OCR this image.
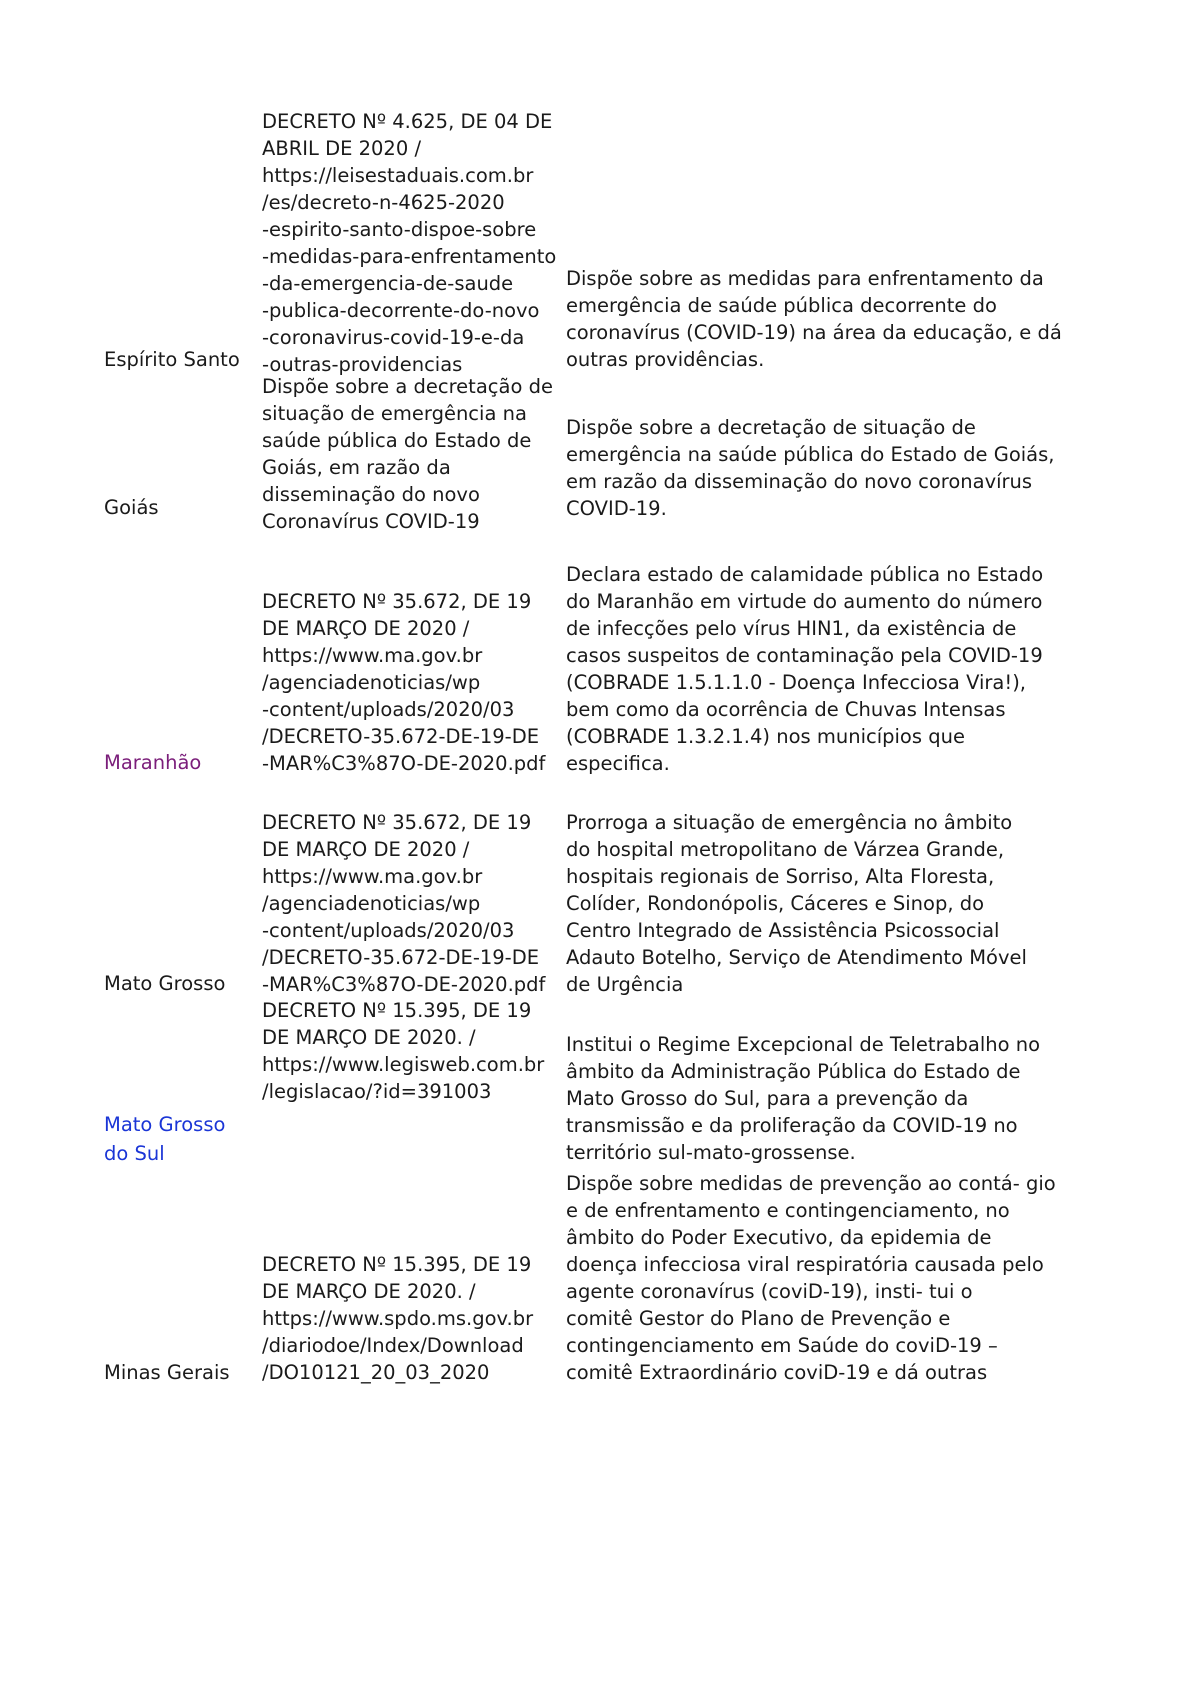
Espírito Santo
DECRETO Nº 4.625, DE 04 DE
ABRIL DE 2020 /
https://leisestaduais.com.br
/es/decreto-n-4625-2020
-espirito-santo-dispoe-sobre
-medidas-para-enfrentamento
-da-emergencia-de-saude
-publica-decorrente-do-novo
-coronavirus-covid-19-e-da
-outras-providencias
Dispõe sobre as medidas para enfrentamento da
emergência de saúde pública decorrente do
coronavírus (COVID-19) na área da educação, e dá
outras providências.
Goiás
Dispõe sobre a decretação de
situação de emergência na
saúde pública do Estado de
Goiás, em razão da
disseminação do novo
Coronavírus COVID-19
Dispõe sobre a decretação de situação de
emergência na saúde pública do Estado de Goiás,
em razão da disseminação do novo coronavírus
COVID-19.
Maranhão
DECRETO Nº 35.672, DE 19
DE MARÇO DE 2020 /
https://www.ma.gov.br
/agenciadenoticias/wp
-content/uploads/2020/03
/DECRETO-35.672-DE-19-DE
-MAR%C3%87O-DE-2020.pdf
Declara estado de calamidade pública no Estado
do Maranhão em virtude do aumento do número
de infecções pelo vírus HIN1, da existência de
casos suspeitos de contaminação pela COVID-19
(COBRADE 1.5.1.1.0 - Doença Infecciosa Vira!),
bem como da ocorrência de Chuvas Intensas
(COBRADE 1.3.2.1.4) nos municípios que
especifica.
Mato Grosso
DECRETO Nº 35.672, DE 19
DE MARÇO DE 2020 /
https://www.ma.gov.br
/agenciadenoticias/wp
-content/uploads/2020/03
/DECRETO-35.672-DE-19-DE
-MAR%C3%87O-DE-2020.pdf
Prorroga a situação de emergência no âmbito
do hospital metropolitano de Várzea Grande,
hospitais regionais de Sorriso, Alta Floresta,
Colíder, Rondonópolis, Cáceres e Sinop, do
Centro Integrado de Assistência Psicossocial
Adauto Botelho, Serviço de Atendimento Móvel
de Urgência
Mato Grosso
do Sul
DECRETO Nº 15.395, DE 19
DE MARÇO DE 2020. /
https://www.legisweb.com.br
/legislacao/?id=391003
Institui o Regime Excepcional de Teletrabalho no
âmbito da Administração Pública do Estado de
Mato Grosso do Sul, para a prevenção da
transmissão e da proliferação da COVID-19 no
território sul-mato-grossense.
Minas Gerais
DECRETO Nº 15.395, DE 19
DE MARÇO DE 2020. /
https://www.spdo.ms.gov.br
/diariodoe/Index/Download
/DO10121_20_03_2020
Dispõe sobre medidas de prevenção ao contá- gio
e de enfrentamento e contingenciamento, no
âmbito do Poder Executivo, da epidemia de
doença infecciosa viral respiratória causada pelo
agente coronavírus (coviD-19), insti- tui o
comitê Gestor do Plano de Prevenção e
contingenciamento em Saúde do coviD-19 –
comitê Extraordinário coviD-19 e dá outras
